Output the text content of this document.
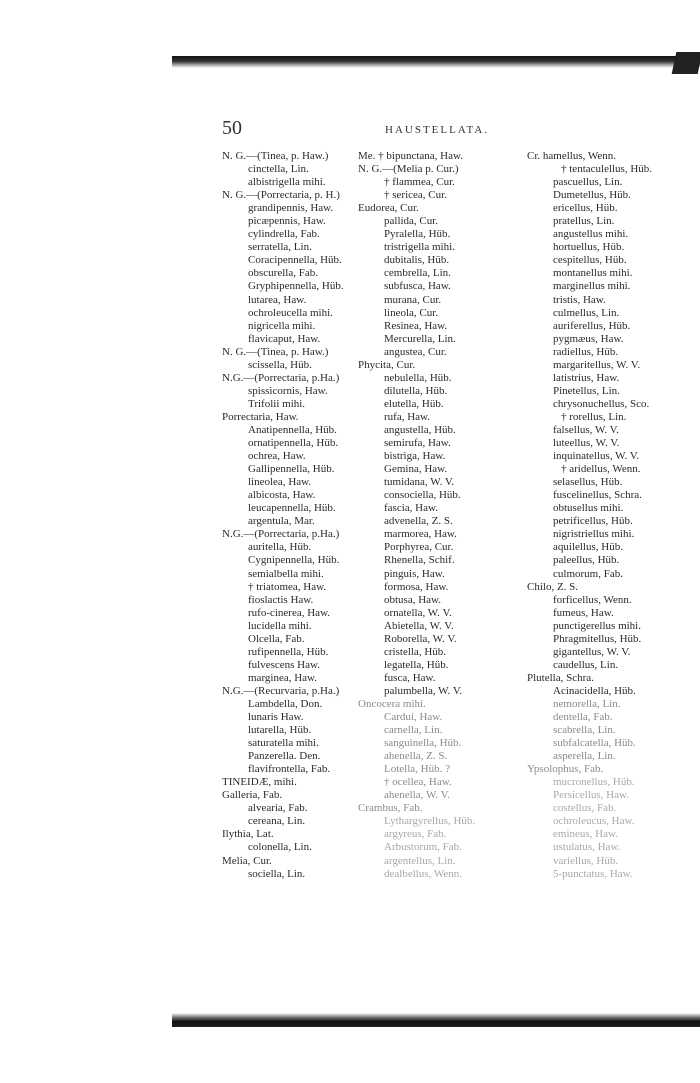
50	HAUSTELLATA.
N. G.—(Tinea, p. Haw.)
cinctella, Lin.
albistrigella mihi.
N. G.—(Porrectaria, p. H.)
grandipennis, Haw.
picæpennis, Haw.
cylindrella, Fab.
serratella, Lin.
Coracipennella, Hüb.
obscurella, Fab.
Gryphipennella, Hüb.
lutarea, Haw.
ochroleucella mihi.
nigricella mihi.
flavicaput, Haw.
N. G.—(Tinea, p. Haw.)
scissella, Hüb.
N.G.—(Porrectaria, p.Ha.)
spissicornis, Haw.
Trifolii mihi.
Porrectaria, Haw.
Anatipennella, Hüb.
ornatipennella, Hüb.
ochrea, Haw.
Gallipennella, Hüb.
lineolea, Haw.
albicosta, Haw.
leucapennella, Hüb.
argentula, Mar.
N.G.—(Porrectaria, p.Ha.)
auritella, Hüb.
Cygnipennella, Hüb.
semialbella mihi.
† triatomea, Haw.
fioslactis Haw.
rufo-cinerea, Haw.
lucidella mihi.
Olcella, Fab.
rufipennella, Hüb.
fulvescens Haw.
marginea, Haw.
N.G.—(Recurvaria, p.Ha.)
Lambdella, Don.
lunaris Haw.
lutarella, Hüb.
saturatella mihi.
Panzerella. Den.
flavifrontella, Fab.
TINEIDÆ, mihi.
Galleria, Fab.
alvearia, Fab.
cereana, Lin.
Ilythia, Lat.
colonella, Lin.
Melia, Cur.
sociella, Lin.
Me. † bipunctana, Haw.
N. G.—(Melia p. Cur.)
† flammea, Cur.
† sericea, Cur.
Eudorea, Cur.
pallida, Cur.
Pyralella, Hüb.
tristrigella mihi.
dubitalis, Hüb.
cembrella, Lin.
subfusca, Haw.
murana, Cur.
lineola, Cur.
Resinea, Haw.
Mercurella, Lin.
angustea, Cur.
Phycita, Cur.
nebulella, Hüb.
dilutella, Hüb.
elutella, Hüb.
rufa, Haw.
angustella, Hüb.
semirufa, Haw.
bistriga, Haw.
Gemina, Haw.
tumidana, W. V.
consociella, Hüb.
fascia, Haw.
advenella, Z. S.
marmorea, Haw.
Porphyrea, Cur.
Rhenella, Schif.
pinguis, Haw.
formosa, Haw.
obtusa, Haw.
ornatella, W. V.
Abietella, W. V.
Roborella, W. V.
cristella, Hüb.
legatella, Hüb.
fusca, Haw.
palumbella, W. V.
Oncocera mihi.
Carduí, Haw.
carnella, Lin.
sanguinella, Hüb.
ahenella, Z. S.
Lotella, Hüb. ?
† ocellea, Haw.
ahenella, W. V.
Crambus, Fab.
Lythargyrellus, Hüb.
argyreus, Fab.
Arbustorum, Fab.
argentellus, Lin.
dealbellus, Wenn.
Cr. hamellus, Wenn.
† tentaculellus, Hüb.
pascuellus, Lin.
Dumetellus, Hüb.
ericellus, Hüb.
pratellus, Lin.
angustellus mihi.
hortuellus, Hüb.
cespitellus, Hüb.
montanellus mihi.
marginellus mihi.
tristis, Haw.
culmellus, Lin.
auriferellus, Hüb.
pygmæus, Haw.
radiellus, Hüb.
margaritellus, W. V.
latistrius, Haw.
Pinetellus, Lin.
chrysonuchellus, Sco.
† rorellus, Lin.
falsellus, W. V.
luteellus, W. V.
inquinatellus, W. V.
† aridellus, Wenn.
selasellus, Hüb.
fuscelinellus, Schra.
obtusellus mihi.
petrificellus, Hüb.
nigristriellus mihi.
aquilellus, Hüb.
paleellus, Hüb.
culmorum, Fab.
Chilo, Z. S.
forficellus, Wenn.
fumeus, Haw.
punctigerellus mihi.
Phragmitellus, Hüb.
gigantellus, W. V.
caudellus, Lin.
Plutella, Schra.
Acinacidella, Hüb.
nemorella, Lin.
dentella, Fab.
scabrella, Lin.
subfalcatella, Hüb.
asperella, Lin.
Ypsolophus, Fab.
mucronellus, Hüb.
Persicellus, Haw.
costellus, Fab.
ochroleucus, Haw.
emineus, Haw.
ustulatus, Haw.
variellus, Hüb.
5-punctatus, Haw.
